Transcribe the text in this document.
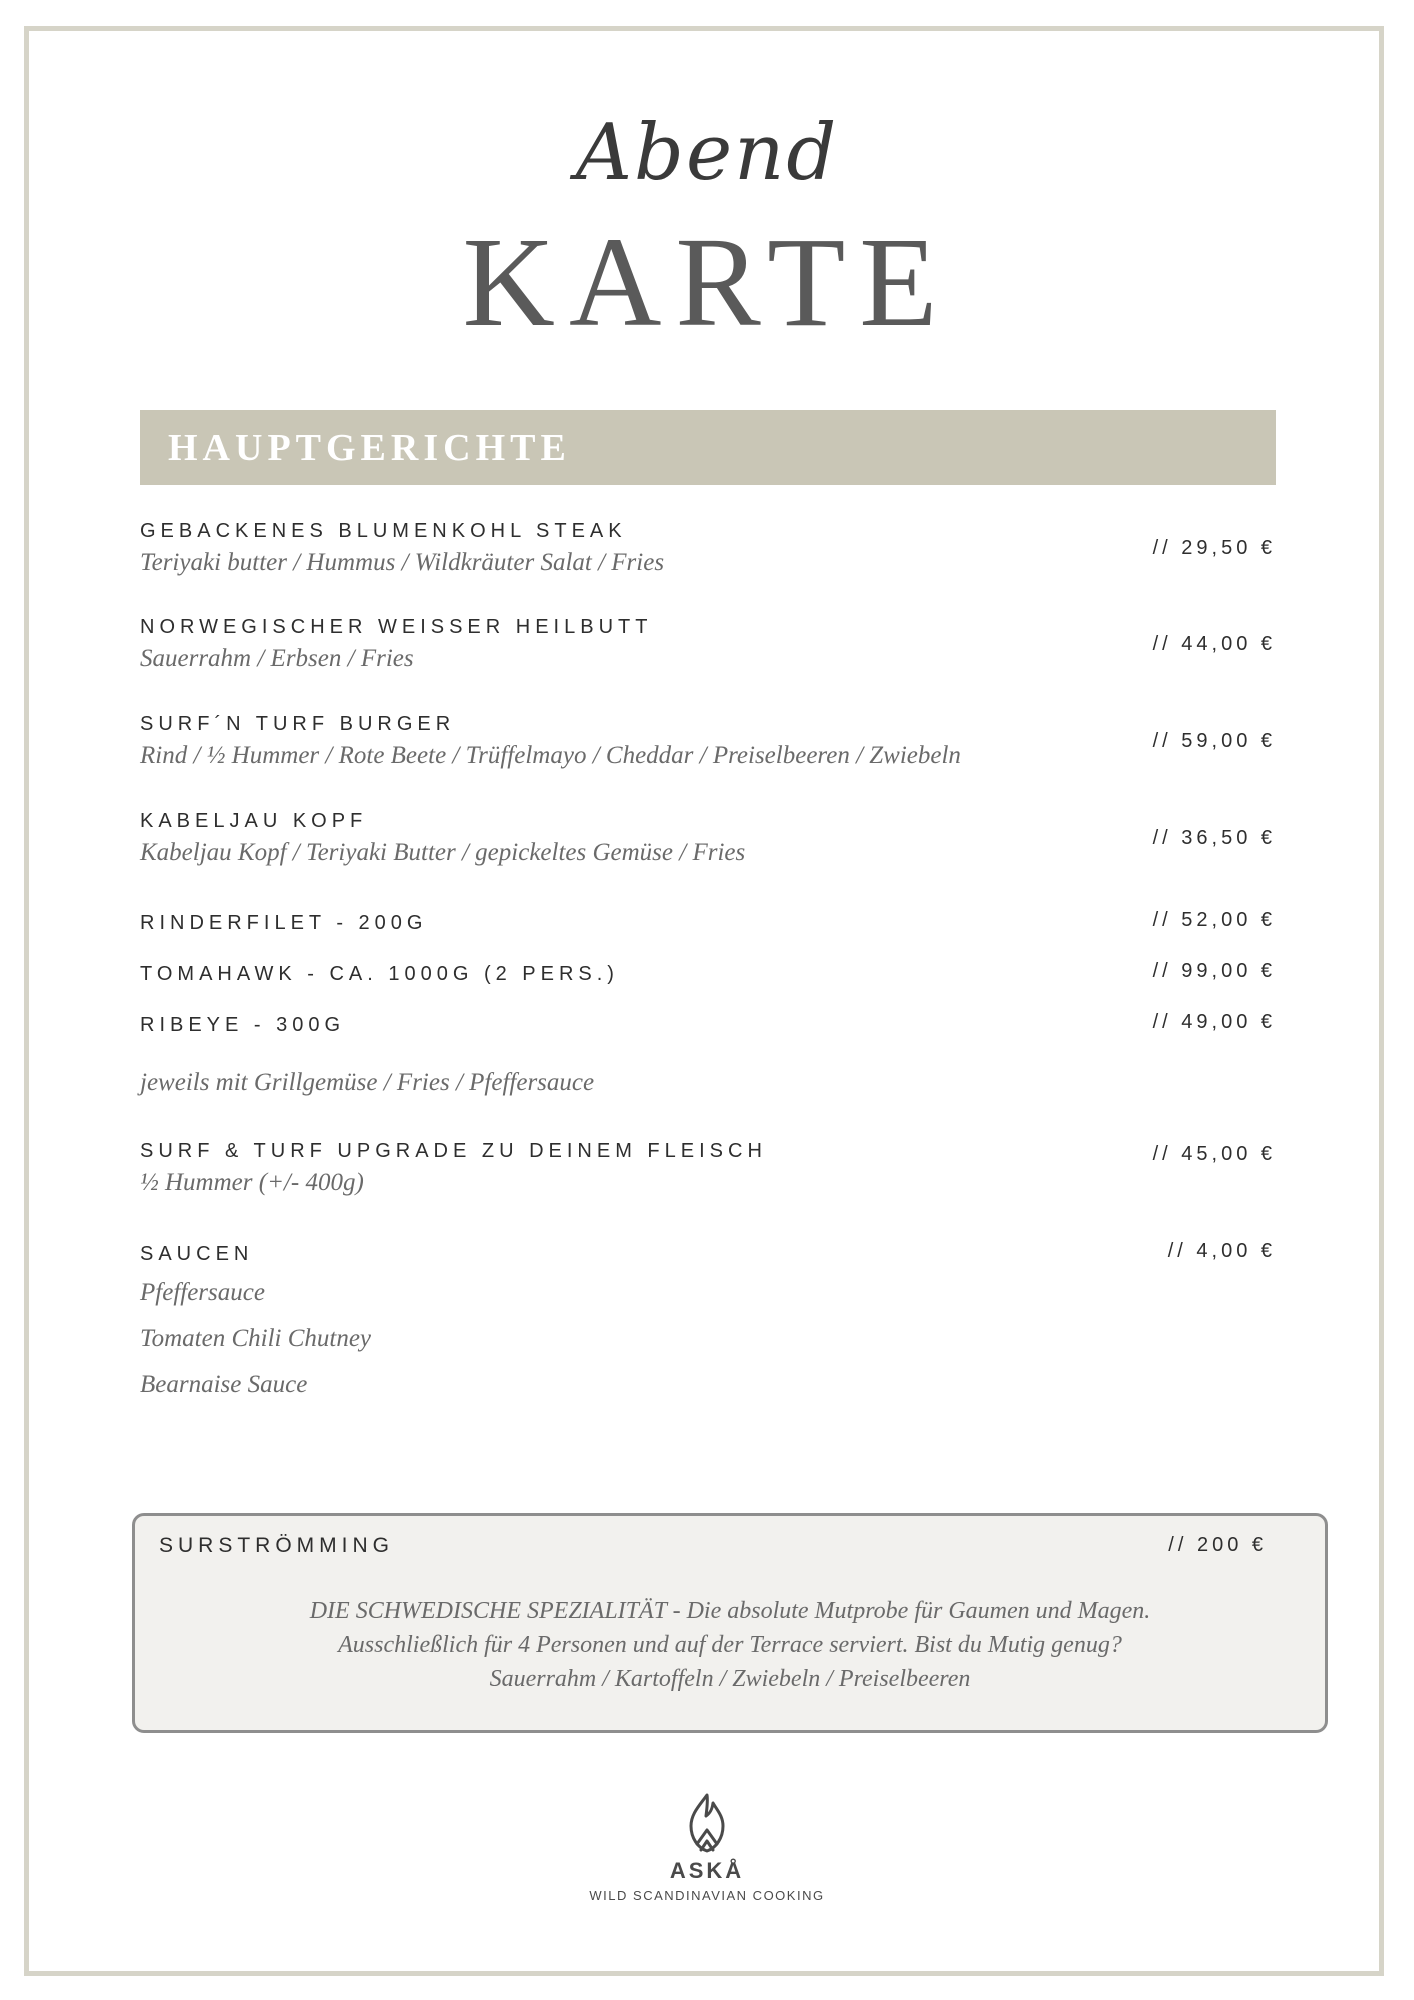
Abend
KARTE
HAUPTGERICHTE
GEBACKENES BLUMENKOHL STEAK
Teriyaki butter / Hummus / Wildkräuter Salat / Fries
// 29,50 €
NORWEGISCHER WEISSER HEILBUTT
Sauerrahm / Erbsen / Fries
// 44,00 €
SURF´N TURF BURGER
Rind / ½ Hummer / Rote Beete / Trüffelmayo / Cheddar / Preiselbeeren / Zwiebeln
// 59,00 €
KABELJAU KOPF
Kabeljau Kopf / Teriyaki Butter / gepickeltes Gemüse / Fries
// 36,50 €
RINDERFILET - 200G	// 52,00 €
TOMAHAWK - CA. 1000G (2 PERS.)	// 99,00 €
RIBEYE - 300G	// 49,00 €
jeweils mit Grillgemüse / Fries / Pfeffersauce
SURF & TURF UPGRADE ZU DEINEM FLEISCH
½ Hummer (+/- 400g)
// 45,00 €
SAUCEN	// 4,00 €
Pfeffersauce
Tomaten Chili Chutney
Bearnaise Sauce
SURSTRÖMMING	// 200 €
DIE SCHWEDISCHE SPEZIALITÄT - Die absolute Mutprobe für Gaumen und Magen.
Ausschließlich für 4 Personen und auf der Terrace serviert. Bist du Mutig genug?
Sauerrahm / Kartoffeln / Zwiebeln / Preiselbeeren
ASKÅ
WILD SCANDINAVIAN COOKING
